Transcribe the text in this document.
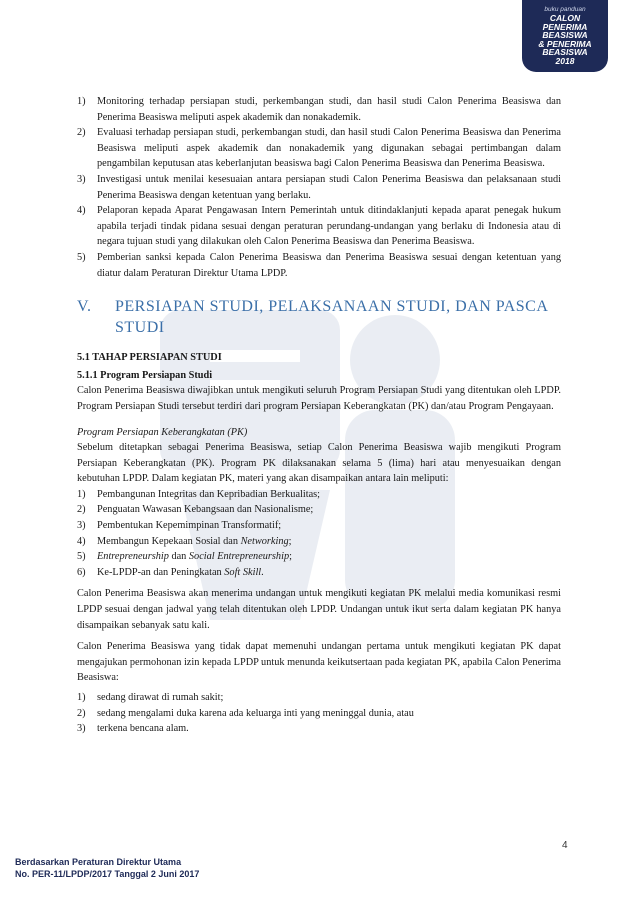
buku panduan
CALON
PENERIMA
BEASISWA
& PENERIMA
BEASISWA
2018
1)	Monitoring terhadap persiapan studi, perkembangan studi, dan hasil studi Calon Penerima Beasiswa dan Penerima Beasiswa meliputi aspek akademik dan nonakademik.
2)	Evaluasi terhadap persiapan studi, perkembangan studi, dan hasil studi Calon Penerima Beasiswa dan Penerima Beasiswa meliputi aspek akademik dan nonakademik yang digunakan sebagai pertimbangan dalam pengambilan keputusan atas keberlanjutan beasiswa bagi Calon Penerima Beasiswa dan Penerima Beasiswa.
3)	Investigasi untuk menilai kesesuaian antara persiapan studi Calon Penerima Beasiswa dan pelaksanaan studi Penerima Beasiswa dengan ketentuan yang berlaku.
4)	Pelaporan kepada Aparat Pengawasan Intern Pemerintah untuk ditindaklanjuti kepada aparat penegak hukum apabila terjadi tindak pidana sesuai dengan peraturan perundang-undangan yang berlaku di Indonesia atau di negara tujuan studi yang dilakukan oleh Calon Penerima Beasiswa dan Penerima Beasiswa.
5)	Pemberian sanksi kepada Calon Penerima Beasiswa dan Penerima Beasiswa sesuai dengan ketentuan yang diatur dalam Peraturan Direktur Utama LPDP.
V.	PERSIAPAN STUDI, PELAKSANAAN STUDI, DAN PASCA STUDI
5.1 TAHAP PERSIAPAN STUDI
5.1.1 Program Persiapan Studi

Calon Penerima Beasiswa diwajibkan untuk mengikuti seluruh Program Persiapan Studi yang ditentukan oleh LPDP. Program Persiapan Studi tersebut terdiri dari program Persiapan Keberangkatan (PK) dan/atau Program Pengayaan.

Program Persiapan Keberangkatan (PK)

Sebelum ditetapkan sebagai Penerima Beasiswa, setiap Calon Penerima Beasiswa wajib mengikuti Program Persiapan Keberangkatan (PK). Program PK dilaksanakan selama 5 (lima) hari atau menyesuaikan dengan kebutuhan LPDP. Dalam kegiatan PK, materi yang akan disampaikan antara lain meliputi:

1)	Pembangunan Integritas dan Kepribadian Berkualitas;
2)	Penguatan Wawasan Kebangsaan dan Nasionalisme;
3)	Pembentukan Kepemimpinan Transformatif;
4)	Membangun Kepekaan Sosial dan Networking;
5)	Entrepreneurship dan Social Entrepreneurship;
6)	Ke-LPDP-an dan Peningkatan Soft Skill.

Calon Penerima Beasiswa akan menerima undangan untuk mengikuti kegiatan PK melalui media komunikasi resmi LPDP sesuai dengan jadwal yang telah ditentukan oleh LPDP. Undangan untuk ikut serta dalam kegiatan PK hanya disampaikan sebanyak satu kali.

Calon Penerima Beasiswa yang tidak dapat memenuhi undangan pertama untuk mengikuti kegiatan PK dapat mengajukan permohonan izin kepada LPDP untuk menunda keikutsertaan pada kegiatan PK, apabila Calon Penerima Beasiswa:

1)	sedang dirawat di rumah sakit;
2)	sedang mengalami duka karena ada keluarga inti yang meninggal dunia, atau
3)	terkena bencana alam.
4
Berdasarkan Peraturan Direktur Utama
No. PER-11/LPDP/2017 Tanggal 2 Juni 2017
